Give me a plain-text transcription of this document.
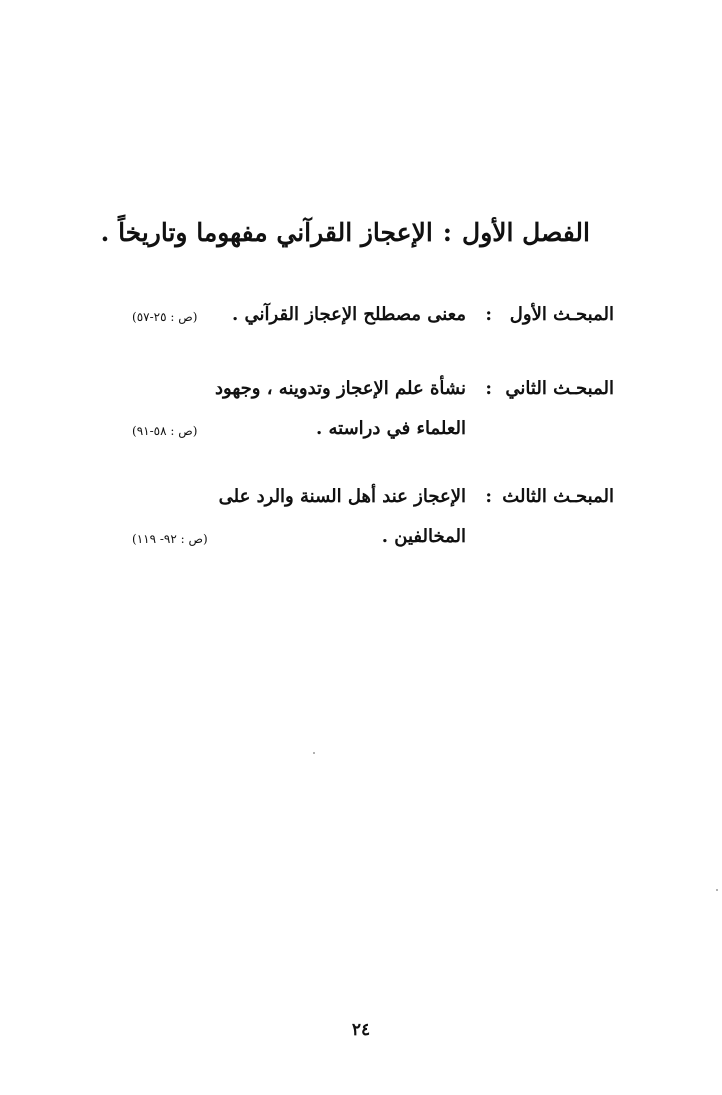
الفصل الأول:الإعجاز القرآني مفهوما وتاريخاً .
المبحـث الأول
:
معنى مصطلح الإعجاز القرآني .
(ص : ٢٥-٥٧)
المبحـث الثاني
:
نشأة علم الإعجاز وتدوينه ، وجهود
العلماء في دراسته .
(ص : ٥٨-٩١)
المبحـث الثالث
:
الإعجاز عند أهل السنة والرد على
المخالفين .
(ص : ٩٢- ١١٩)
٢٤
